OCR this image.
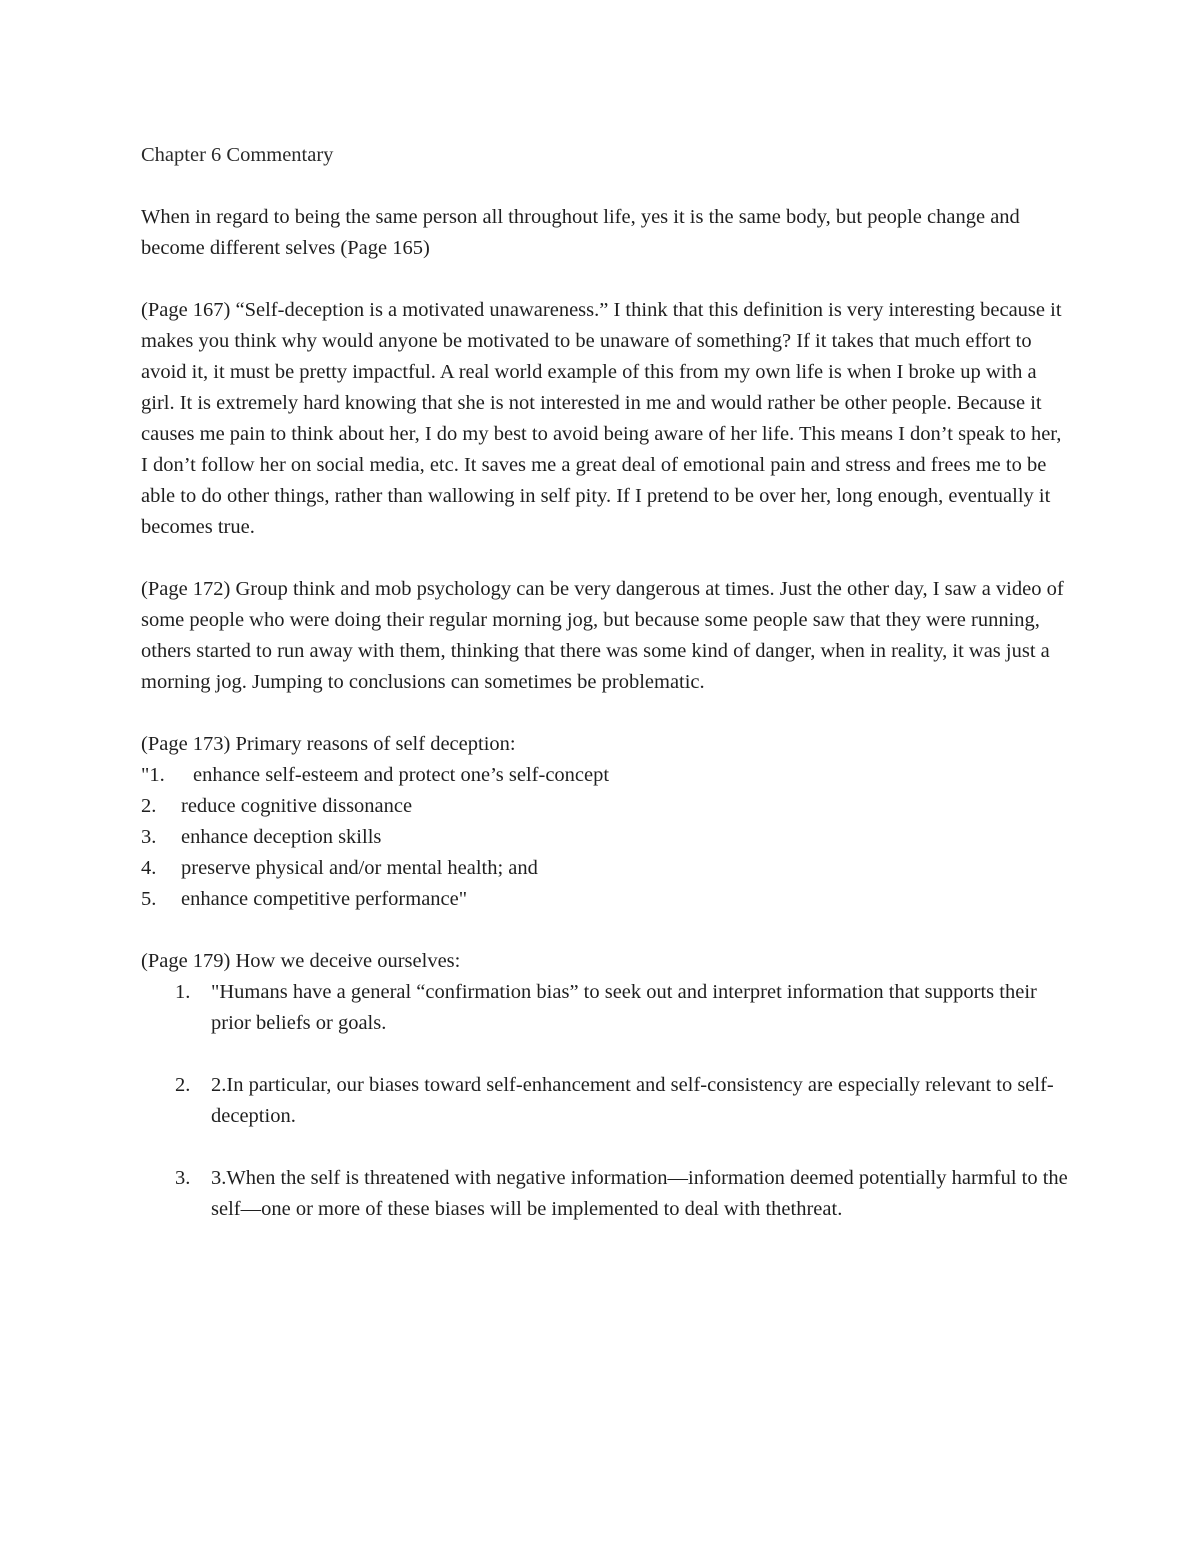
Chapter 6 Commentary

When in regard to being the same person all throughout life, yes it is the same body, but people change and become different selves (Page 165)

(Page 167) “Self-deception is a motivated unawareness.” I think that this definition is very interesting because it makes you think why would anyone be motivated to be unaware of something? If it takes that much effort to avoid it, it must be pretty impactful. A real world example of this from my own life is when I broke up with a girl. It is extremely hard knowing that she is not interested in me and would rather be other people. Because it causes me pain to think about her, I do my best to avoid being aware of her life. This means I don’t speak to her, I don’t follow her on social media, etc. It saves me a great deal of emotional pain and stress and frees me to be able to do other things, rather than wallowing in self pity. If I pretend to be over her, long enough, eventually it becomes true.

(Page 172) Group think and mob psychology can be very dangerous at times. Just the other day, I saw a video of some people who were doing their regular morning jog, but because some people saw that they were running, others started to run away with them, thinking that there was some kind of danger, when in reality, it was just a morning jog. Jumping to conclusions can sometimes be problematic.

(Page 173) Primary reasons of self deception:

"1.	enhance self-esteem and protect one’s self-concept
2.	reduce cognitive dissonance
3.	enhance deception skills
4.	preserve physical and/or mental health; and
5.	enhance competitive performance"

(Page 179) How we deceive ourselves:

1.	"Humans have a general “confirmation bias” to seek out and interpret information that supports their prior beliefs or goals.
2.	2.In particular, our biases toward self-enhancement and self-consistency are especially relevant to self-deception.
3.	3.When the self is threatened with negative information—information deemed potentially harmful to the self—one or more of these biases will be implemented to deal with thethreat.
